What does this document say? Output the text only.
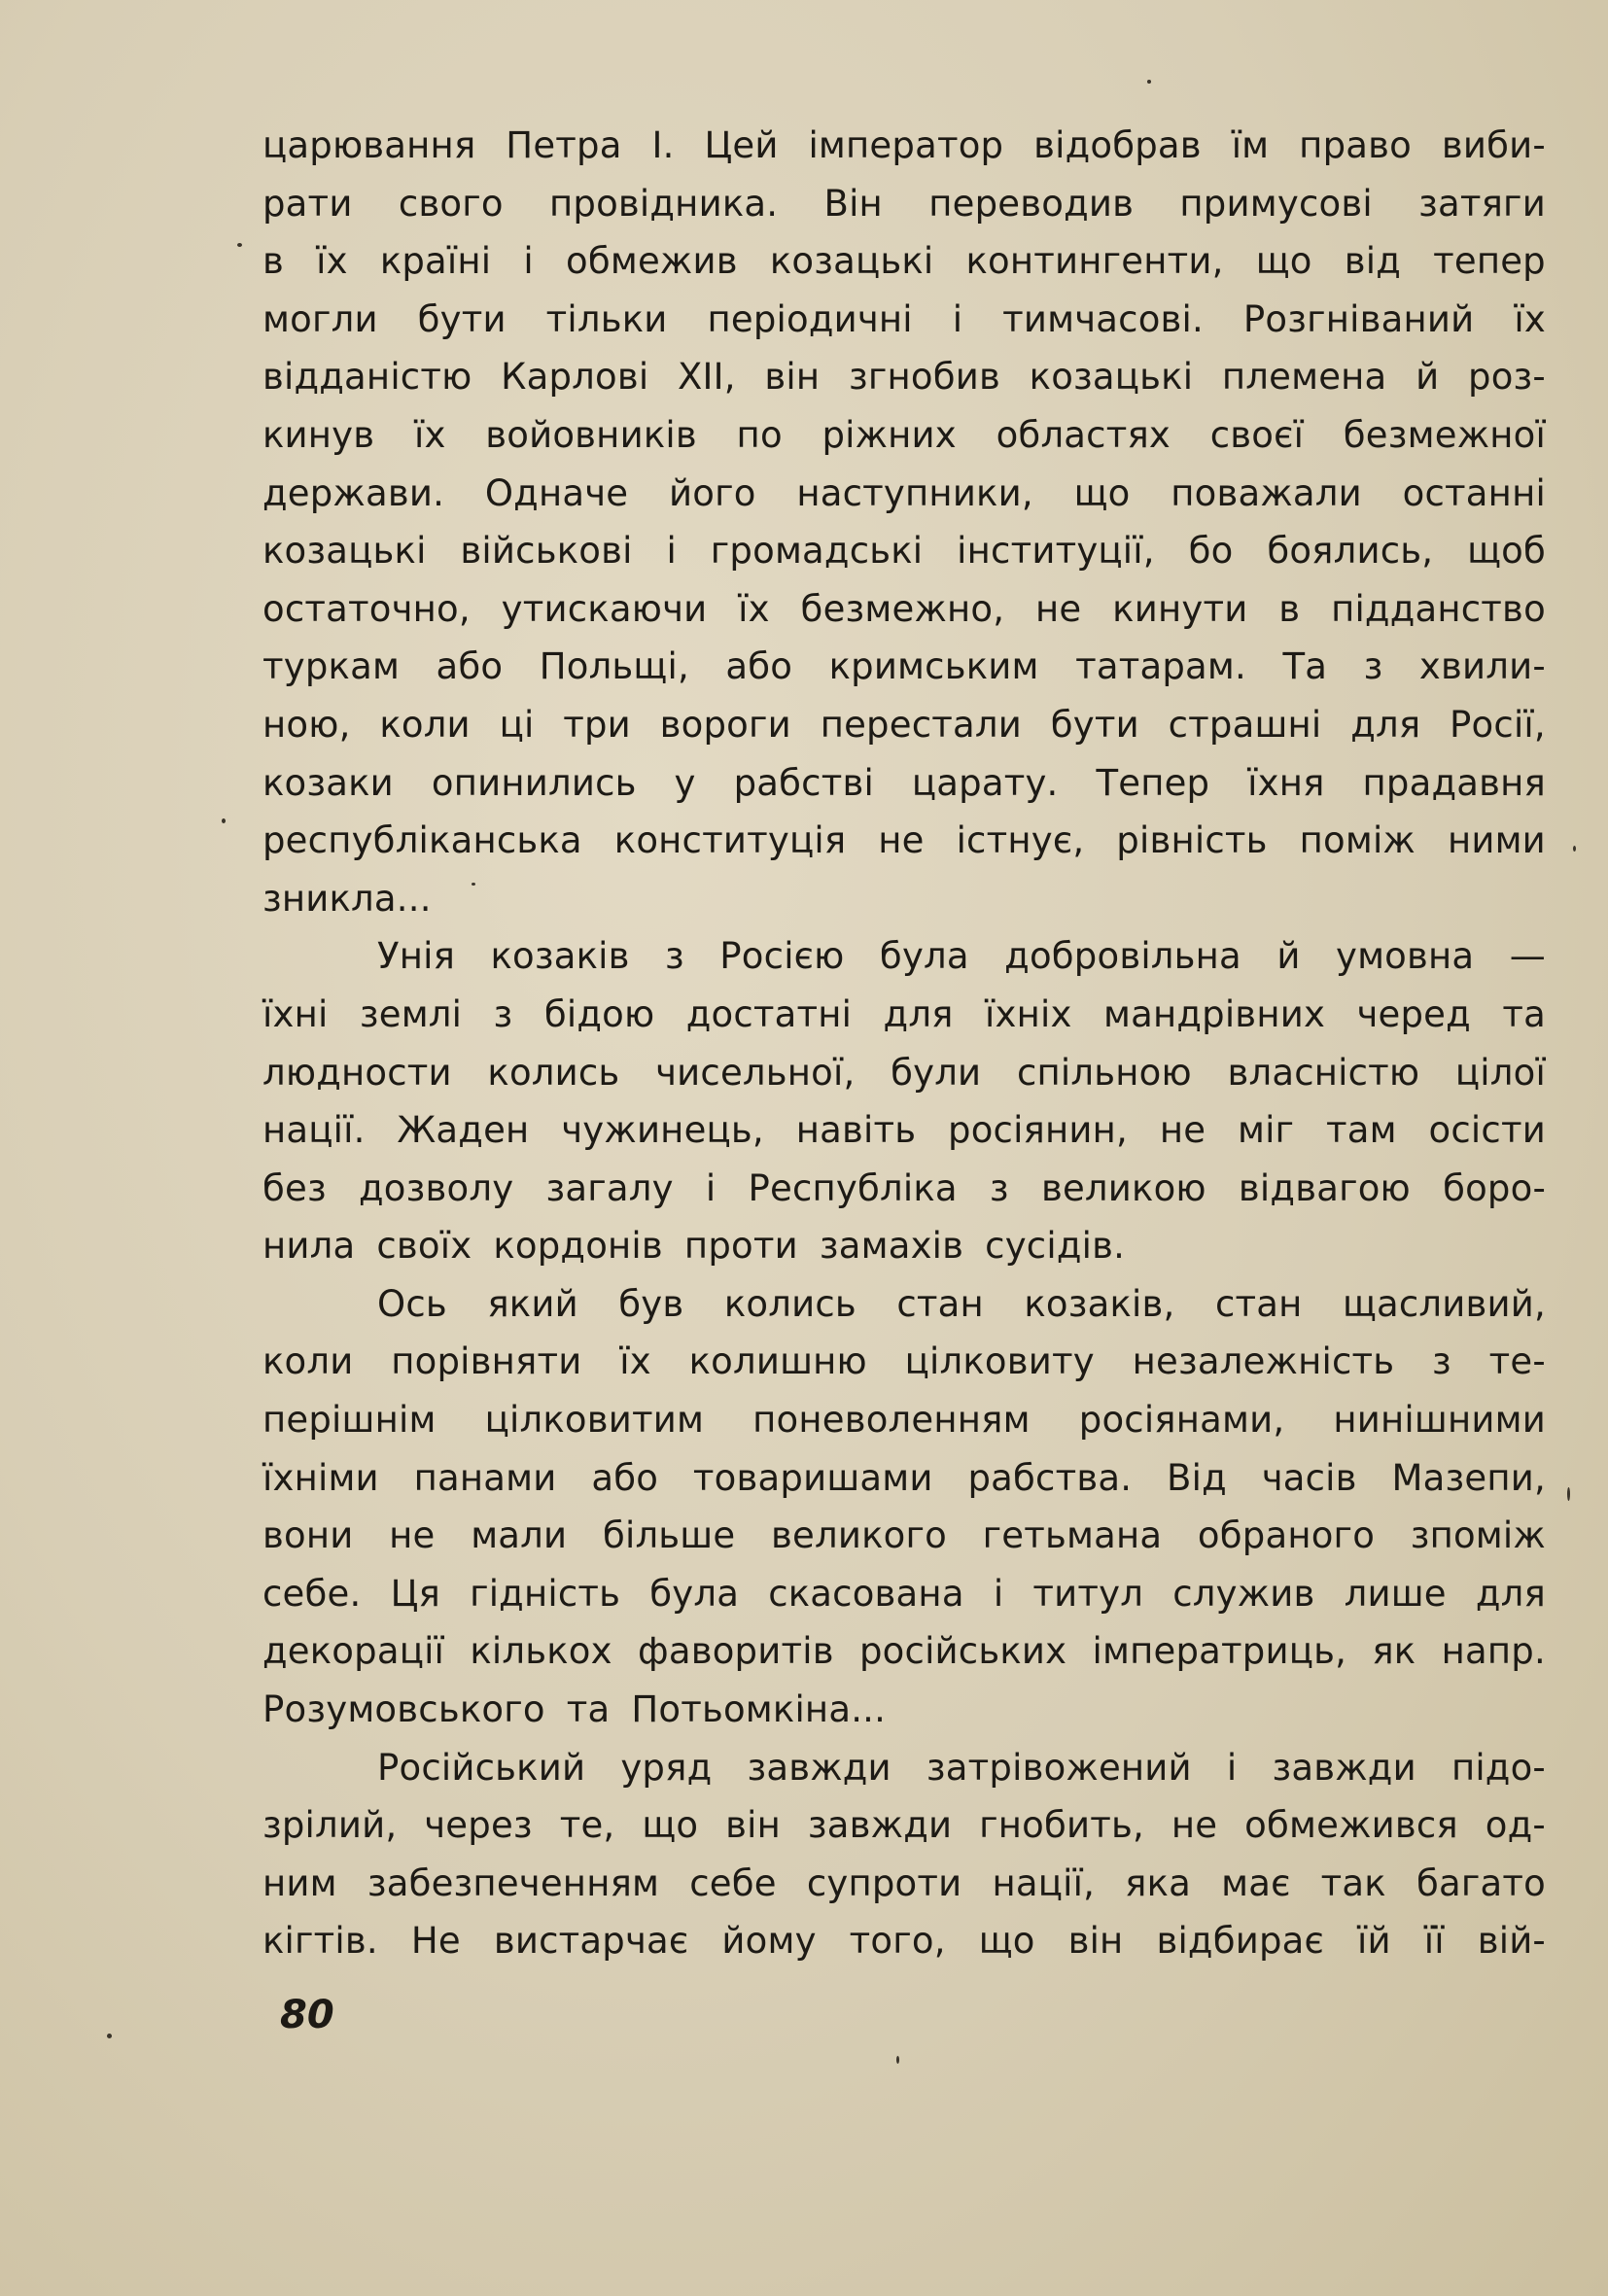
царювання Петра І. Цей імператор відобрав їм право виби-
рати свого провідника. Він переводив примусові затяги
в їх країні і обмежив козацькі контингенти, що від тепер
могли бути тільки періодичні і тимчасові. Розгніваний їх
відданістю Карлові XII, він згнобив козацькі племена й роз-
кинув їх войовників по ріжних областях своєї безмежної
держави. Одначе його наступники, що поважали останні
козацькі військові і громадські інституції, бо боялись, щоб
остаточно, утискаючи їх безмежно, не кинути в підданство
туркам або Польщі, або кримським татарам. Та з хвили-
ною, коли ці три вороги перестали бути страшні для Росії,
козаки опинились у рабстві царату. Тепер їхня прадавня
республіканська конституція не істнує, рівність поміж ними
зникла...
Унія козаків з Росією була добровільна й умовна —
їхні землі з бідою достатні для їхніх мандрівних черед та
людности колись чисельної, були спільною власністю цілої
нації. Жаден чужинець, навіть росіянин, не міг там осісти
без дозволу загалу і Республіка з великою відвагою боро-
нила своїх кордонів проти замахів сусідів.
Ось який був колись стан козаків, стан щасливий,
коли порівняти їх колишню цілковиту незалежність з те-
перішнім цілковитим поневоленням росіянами, нинішними
їхніми панами або товаришами рабства. Від часів Мазепи,
вони не мали більше великого гетьмана обраного зпоміж
себе. Ця гідність була скасована і титул служив лише для
декорації кількох фаворитів російських імператриць, як напр.
Розумовського та Потьомкіна...
Російський уряд завжди затрівожений і завжди підо-
зрілий, через те, що він завжди гнобить, не обмежився од-
ним забезпеченням себе супроти нації, яка має так багато
кігтів. Не вистарчає йому того, що він відбирає їй її вій-
80
